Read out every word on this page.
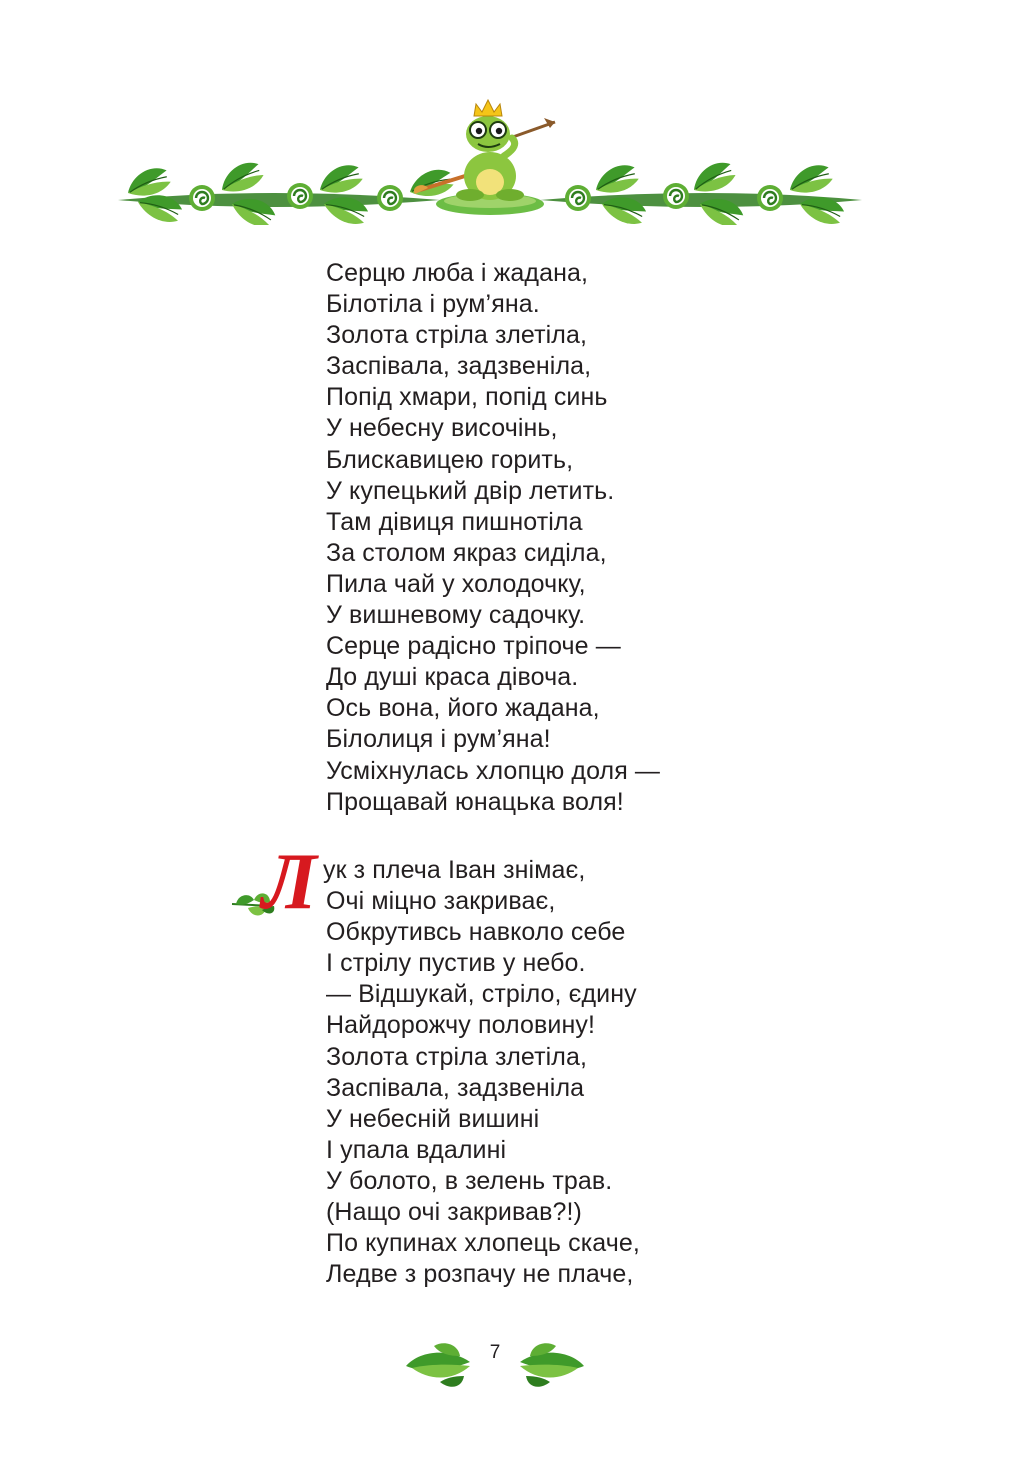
Серцю люба і жадана,
Білотіла і рум’яна.
Золота стріла злетіла,
Заспівала, задзвеніла,
Попід хмари, попід синь
У небесну височінь,
Блискавицею горить,
У купецький двір летить.
Там дівиця пишнотіла
За столом якраз сиділа,
Пила чай у холодочку,
У вишневому садочку.
Серце радісно тріпоче —
До душі краса дівоча.
Ось вона, його жадана,
Білолиця і рум’яна!
Усміхнулась хлопцю доля —
Прощавай юнацька воля!
Л ук з плеча Іван знімає,
Очі міцно закриває,
Обкрутивсь навколо себе
І стрілу пустив у небо.
— Відшукай, стріло, єдину
Найдорожчу половину!
Золота стріла злетіла,
Заспівала, задзвеніла
У небесній вишині
І упала вдалині
У болото, в зелень трав.
(Нащо очі закривав?!)
По купинах хлопець скаче,
Ледве з розпачу не плаче,
7
